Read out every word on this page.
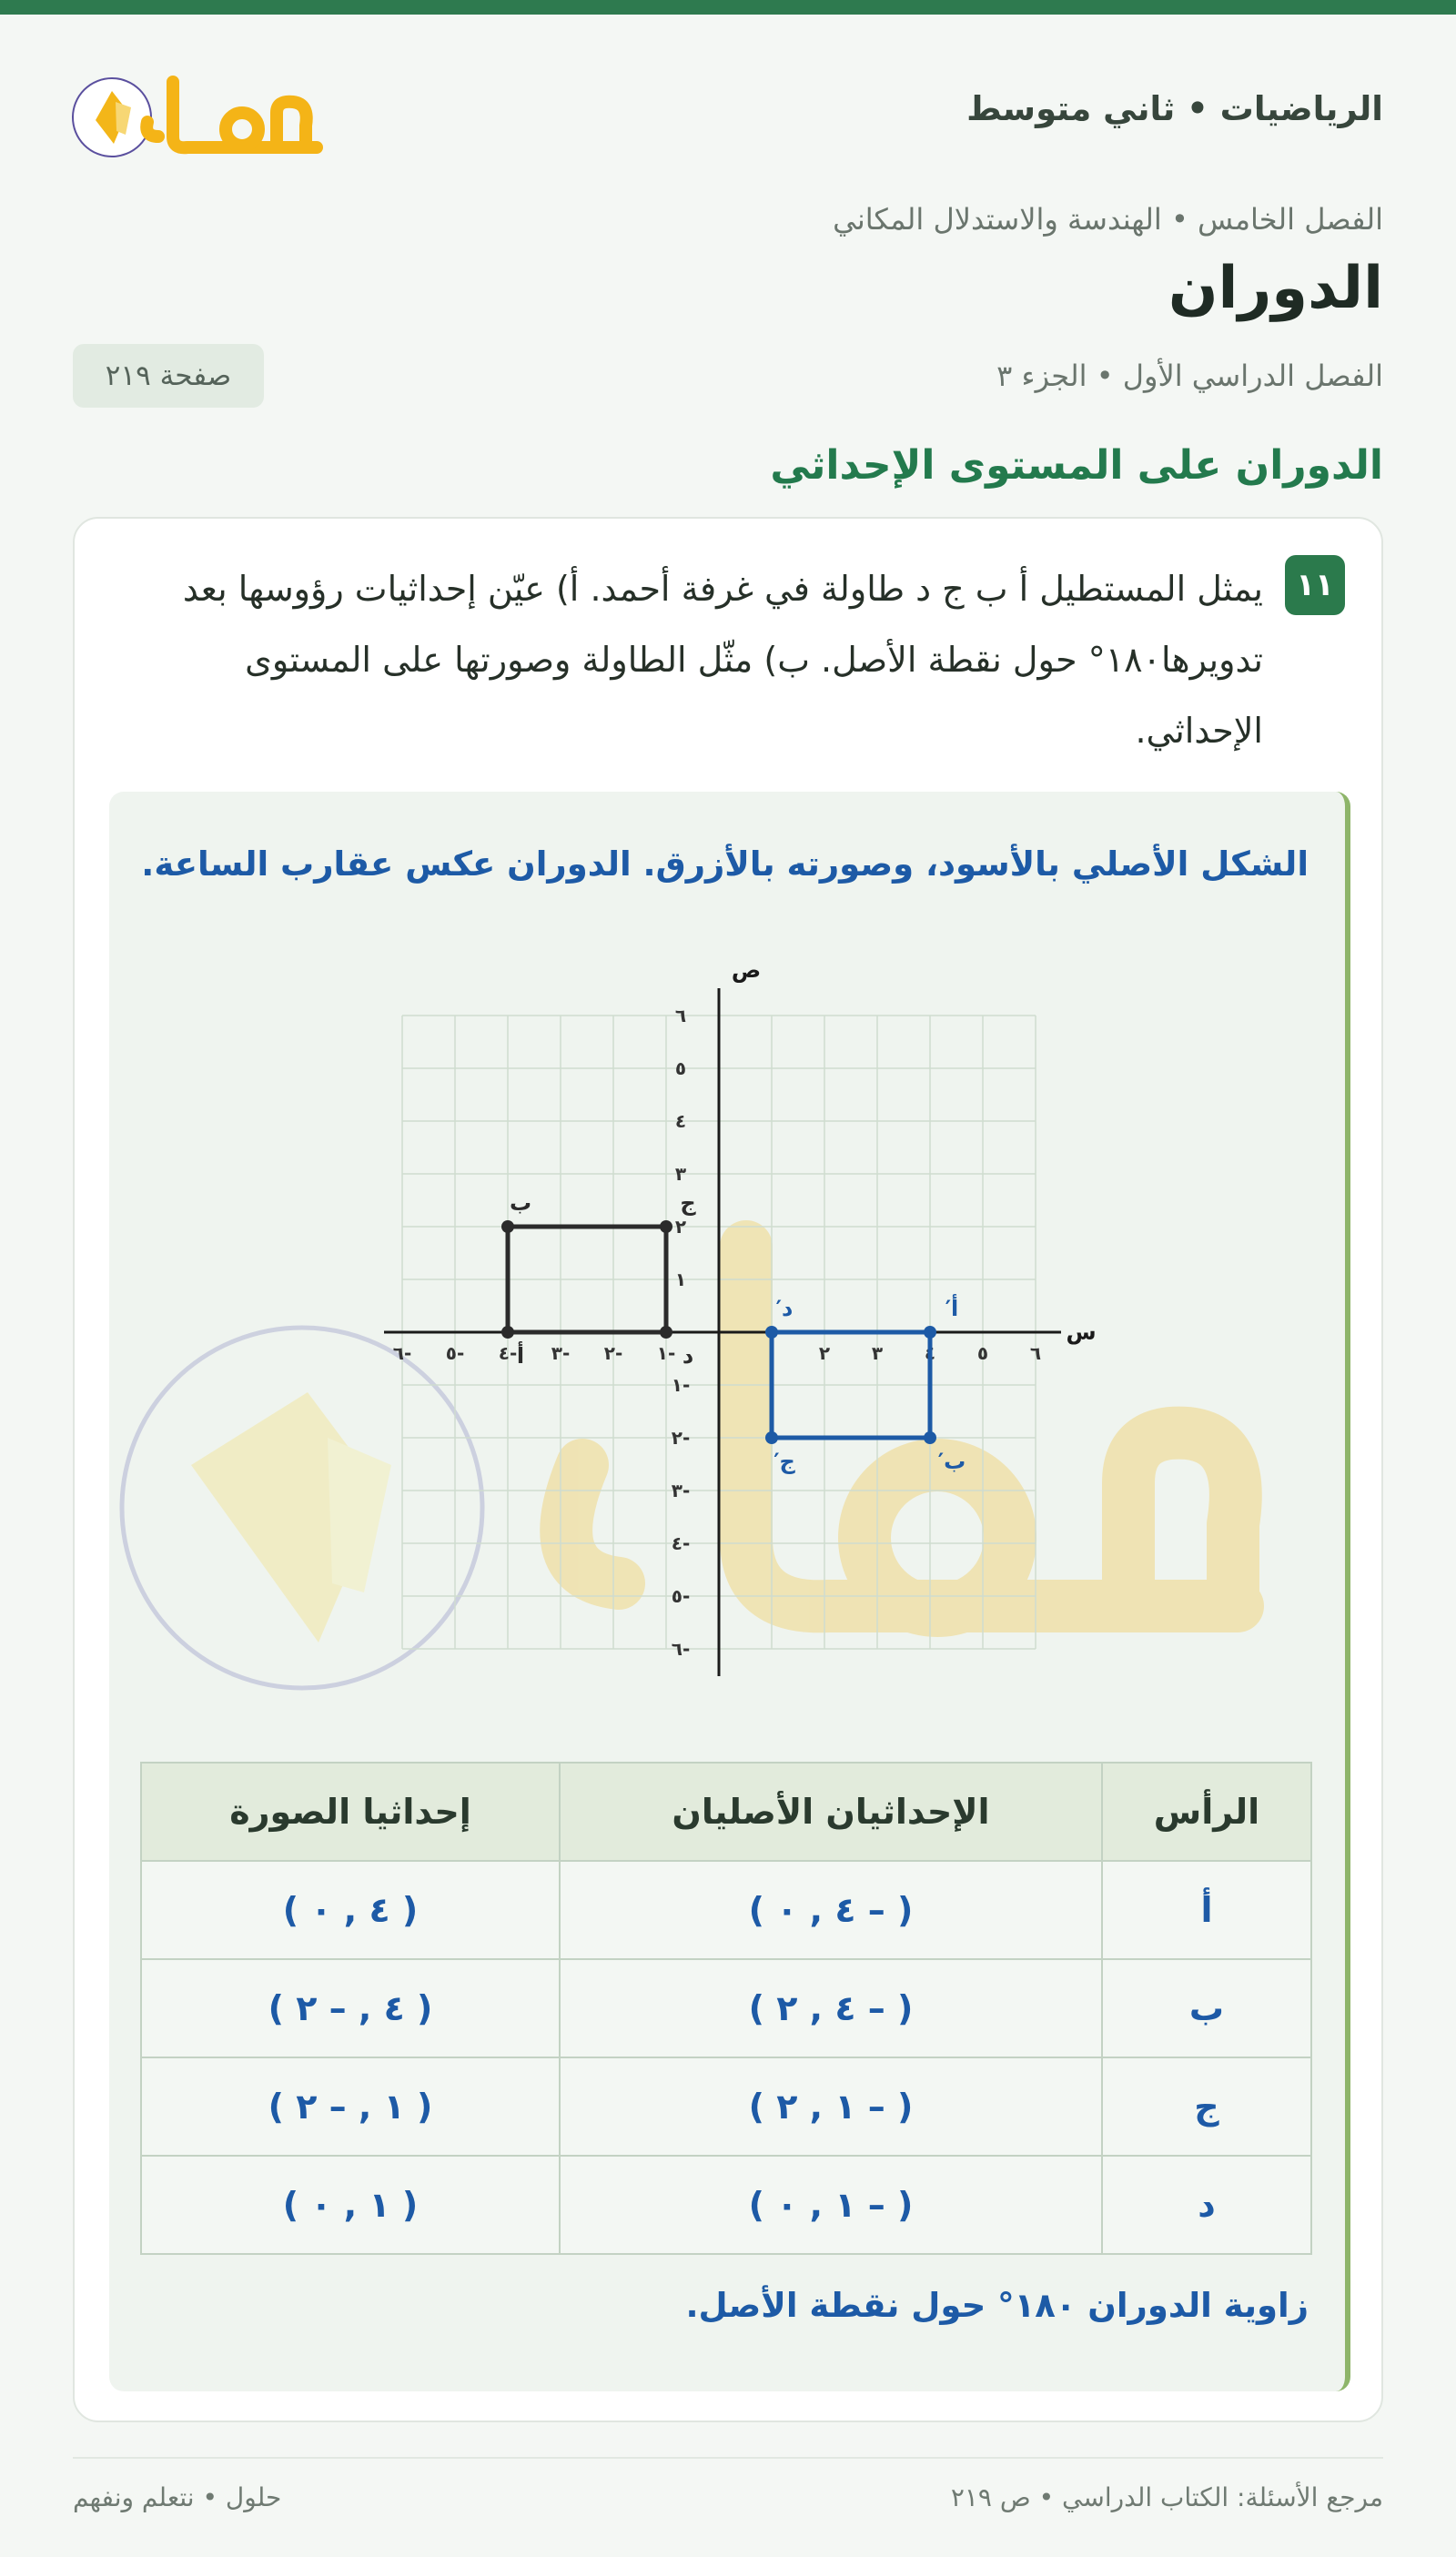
حلول
الرياضيات • ثاني متوسط
الفصل الخامس • الهندسة والاستدلال المكاني
الدوران
الفصل الدراسي الأول • الجزء ٣
صفحة ٢١٩
الدوران على المستوى الإحداثي
١١
يمثل المستطيل أ ب ج د طاولة في غرفة أحمد. أ) عيّن إحداثيات رؤوسها بعد تدويرها١٨٠° حول نقطة الأصل. ب) مثّل الطاولة وصورتها على المستوى الإحداثي.
الشكل الأصلي بالأسود، وصورته بالأزرق. الدوران عكس عقارب الساعة.
س
ص
-٦ -٥ -٤ -٣ -٢ -١	٢ ٣ ٤ ٥ ٦
٦
٥
٤
٣
٢
١
-١
-٢
-٣
-٤
-٥
-٦
أ
ب	ج
د
أ′
ب′
ج′
د′
الرأس	الإحداثيان الأصليان	إحداثيا الصورة
أ	( – ٤ , ٠ )	( ٤ , ٠ )
ب	( – ٤ , ٢ )	( ٤ , – ٢ )
ج	( – ١ , ٢ )	( ١ , – ٢ )
د	( – ١ , ٠ )	( ١ , ٠ )
زاوية الدوران ١٨٠° حول نقطة الأصل.
مرجع الأسئلة: الكتاب الدراسي • ص ٢١٩
حلول • نتعلم ونفهم
